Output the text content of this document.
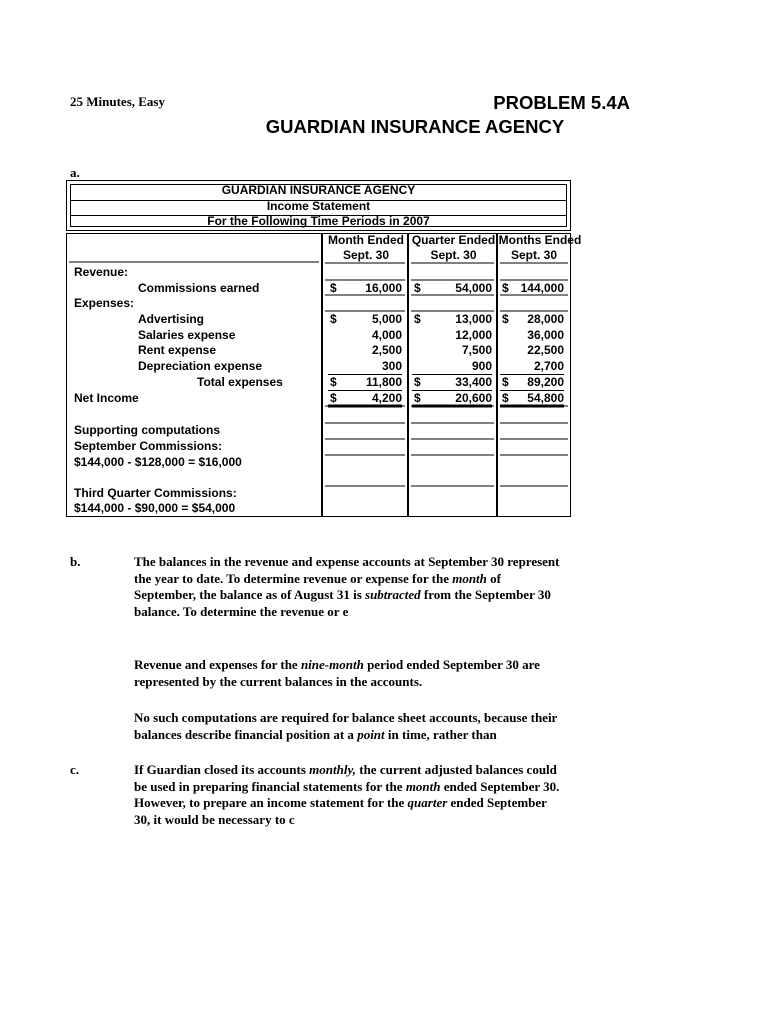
25 Minutes, Easy	PROBLEM 5.4A
GUARDIAN INSURANCE AGENCY
a.
GUARDIAN INSURANCE AGENCY
Income Statement
For the Following Time Periods in 2007
Month Ended
Sept. 30
Quarter Ended
Sept. 30
Months Ended
Sept. 30
Revenue:
Commissions earned	$	16,000 $	54,000 $ 144,000
Expenses:
Advertising	$	5,000 $	13,000 $	28,000
Salaries expense	4,000	12,000	36,000
Rent expense	2,500	7,500	22,500
Depreciation expense	300	900	2,700
Total expenses	$	11,800 $	33,400 $	89,200
Net Income	$	4,200 $	20,600 $	54,800
Supporting computations
September Commissions:
$144,000 - $128,000 = $16,000
Third Quarter Commissions:
$144,000 - $90,000 = $54,000
b.	The balances in the revenue and expense accounts at September 30 represent the year to date. To determine revenue or expense for the month of September, the balance as of August 31 is subtracted from the September 30 balance. To determine the revenue or e
Revenue and expenses for the nine-month period ended September 30 are represented by the current balances in the accounts.
No such computations are required for balance sheet accounts, because their balances describe financial position at a point in time, rather than
c.	If Guardian closed its accounts monthly, the current adjusted balances could be used in preparing financial statements for the month ended September 30. However, to prepare an income statement for the quarter ended September 30, it would be necessary to c
